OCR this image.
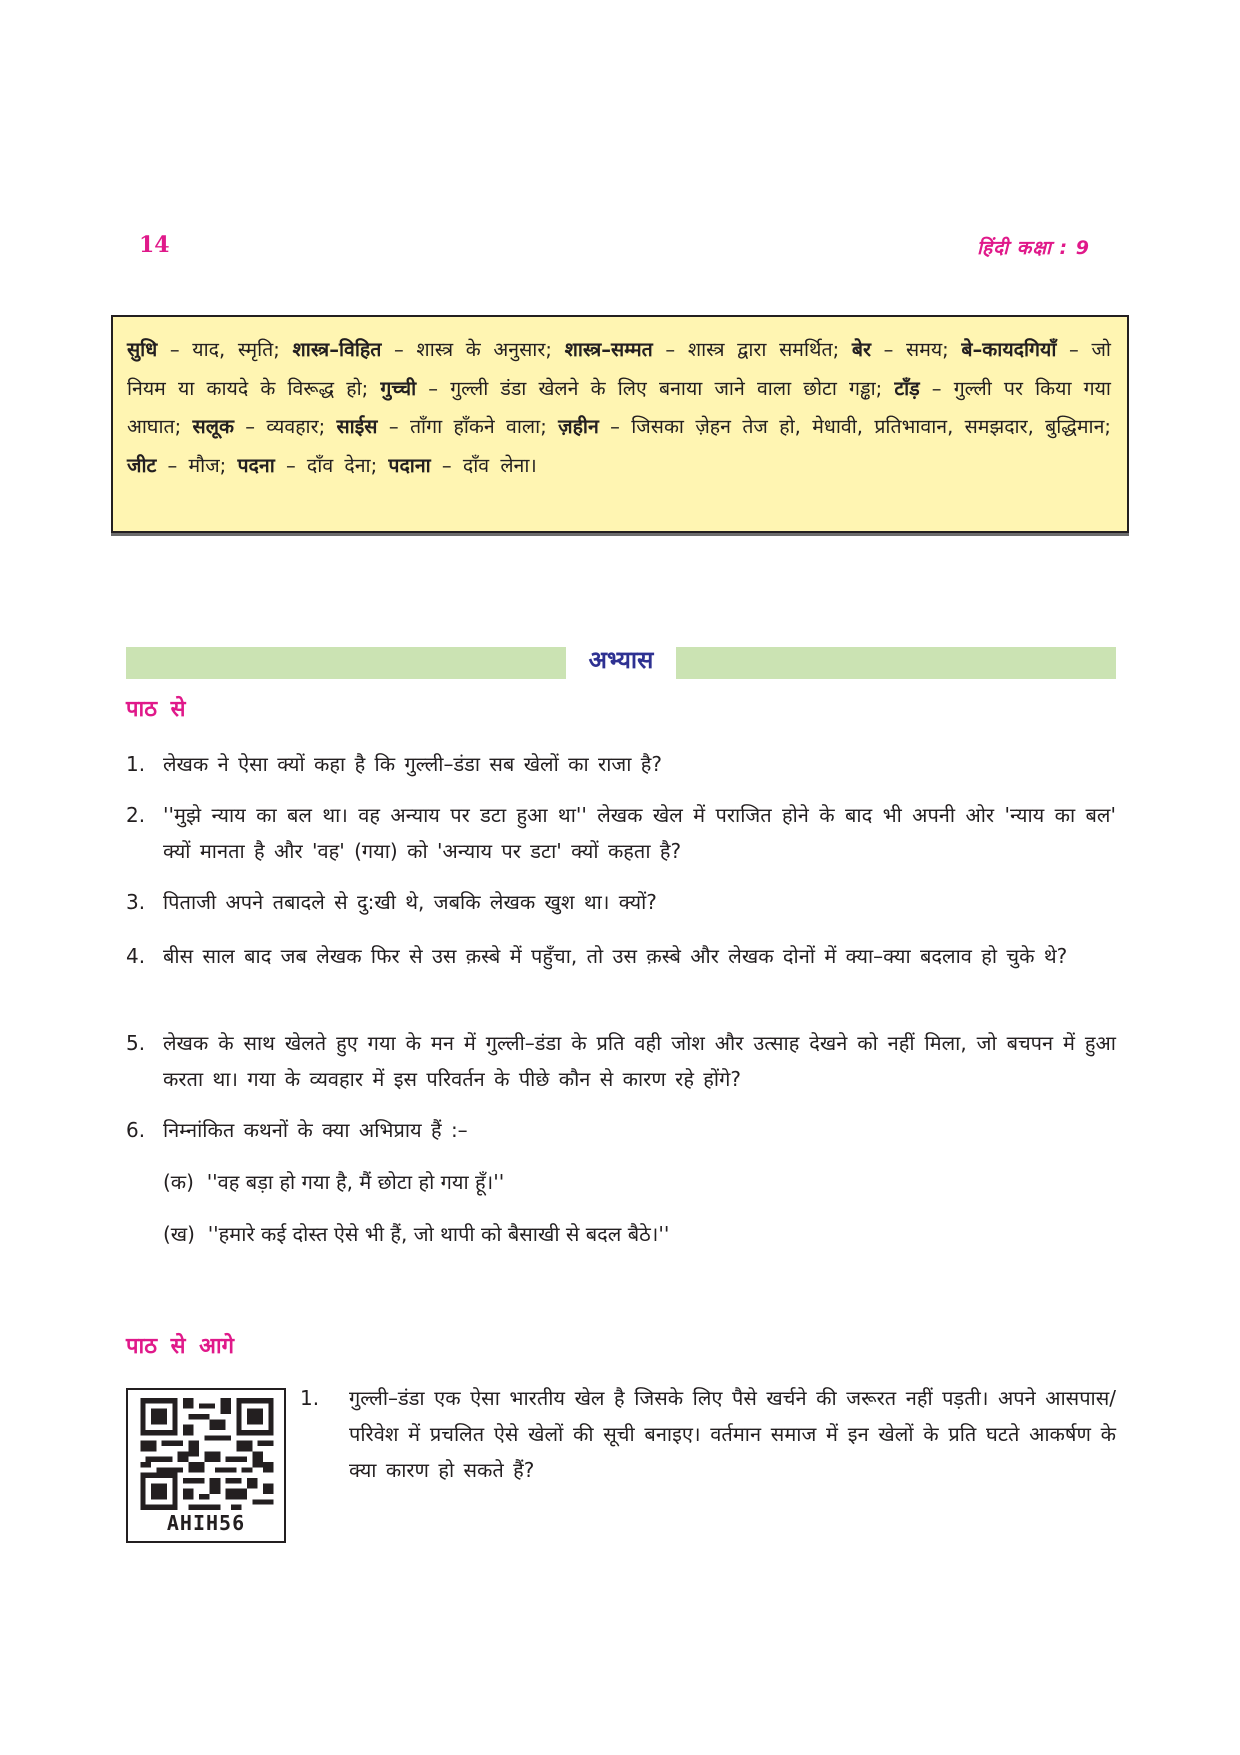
14	हिंदी कक्षा : 9
सुधि – याद, स्मृति; शास्त्र–विहित – शास्त्र के अनुसार; शास्त्र–सम्मत – शास्त्र द्वारा समर्थित; बेर – समय; बे–कायदगियाँ – जो नियम या कायदे के विरूद्ध हो; गुच्ची – गुल्ली डंडा खेलने के लिए बनाया जाने वाला छोटा गड्ढा; टाँड़ – गुल्ली पर किया गया आघात; सलूक – व्यवहार; साईस – ताँगा हाँकने वाला; ज़हीन – जिसका ज़ेहन तेज हो, मेधावी, प्रतिभावान, समझदार, बुद्धिमान; जीट – मौज; पदना – दाँव देना; पदाना – दाँव लेना।
अभ्यास
पाठ से
1. लेखक ने ऐसा क्यों कहा है कि गुल्ली–डंडा सब खेलों का राजा है?
2. ''मुझे न्याय का बल था। वह अन्याय पर डटा हुआ था'' लेखक खेल में पराजित होने के बाद भी अपनी ओर 'न्याय का बल' क्यों मानता है और 'वह' (गया) को 'अन्याय पर डटा' क्यों कहता है?
3. पिताजी अपने तबादले से दु:खी थे, जबकि लेखक खुश था। क्यों?
4. बीस साल बाद जब लेखक फिर से उस क़स्बे में पहुँचा, तो उस क़स्बे और लेखक दोनों में क्या–क्या बदलाव हो चुके थे?
5. लेखक के साथ खेलते हुए गया के मन में गुल्ली–डंडा के प्रति वही जोश और उत्साह देखने को नहीं मिला, जो बचपन में हुआ करता था। गया के व्यवहार में इस परिवर्तन के पीछे कौन से कारण रहे होंगे?
6. निम्नांकित कथनों के क्या अभिप्राय हैं :–
(क) ''वह बड़ा हो गया है, मैं छोटा हो गया हूँ।''
(ख) ''हमारे कई दोस्त ऐसे भी हैं, जो थापी को बैसाखी से बदल बैठे।''
पाठ से आगे
AHIH56
1. गुल्ली–डंडा एक ऐसा भारतीय खेल है जिसके लिए पैसे खर्चने की जरूरत नहीं पड़ती। अपने आसपास/परिवेश में प्रचलित ऐसे खेलों की सूची बनाइए। वर्तमान समाज में इन खेलों के प्रति घटते आकर्षण के क्या कारण हो सकते हैं?
